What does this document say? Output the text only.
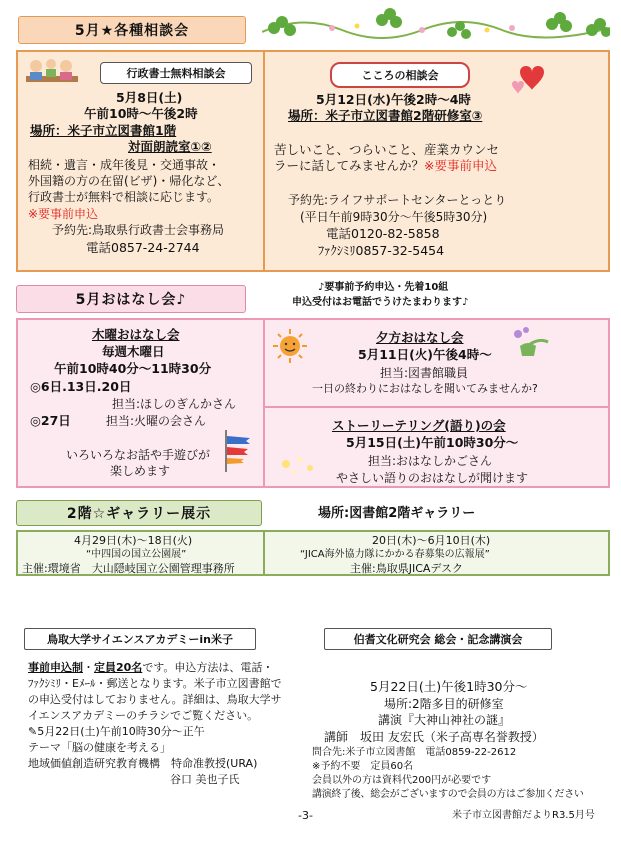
5月★各種相談会
行政書士無料相談会
5月8日(土)
午前10時～午後2時
場所：米子市立図書館1階
対面朗読室①②
相続・遺言・成年後見・交通事故・
外国籍の方の在留(ビザ)・帰化など、
行政書士が無料で相談に応じます。
※要事前申込
予約先:鳥取県行政書士会事務局
電話0857-24-2744
こころの相談会
5月12日(水)午後2時～4時
場所：米子市立図書館2階研修室③
苦しいこと、つらいこと、産業カウンセ
ラーに話してみませんか？※要事前申込
予約先:ライフサポートセンターとっとり
(平日午前9時30分～午後5時30分)
電話0120-82-5858
ﾌｧｸｼﾐﾘ0857-32-5454
5月おはなし会♪
♪要事前予約申込・先着10組
申込受付はお電話でうけたまわります♪
木曜おはなし会
毎週木曜日
午前10時40分～11時30分
◎6日.13日.20日
担当:ほしのぎんかさん
◎27日	担当:火曜の会さん
いろいろなお話や手遊びが
楽しめます
夕方おはなし会
5月11日(火)午後4時～
担当:図書館職員
一日の終わりにおはなしを聞いてみませんか?
ストーリーテリング(語り)の会
5月15日(土)午前10時30分～
担当:おはなしかごさん
やさしい語りのおはなしが聞けます
2階☆ギャラリー展示	場所:図書館2階ギャラリー
4月29日(木)～18日(火)
“中四国の国立公園展”
主催:環境省　大山隠岐国立公園管理事務所
20日(木)～6月10日(木)
“JICA海外協力隊にかかる春募集の広報展”
主催:鳥取県JICAデスク
鳥取大学サイエンスアカデミーin米子
事前申込制・定員20名です。申込方法は、電話・
ﾌｧｸｼﾐﾘ・Eﾒｰﾙ・郵送となります。米子市立図書館で
の申込受付はしておりません。詳細は、鳥取大学サ
イエンスアカデミーのチラシでご覧ください。
✎5月22日(土)午前10時30分～正午
テーマ「脳の健康を考える」
地域価値創造研究教育機構　特命准教授(URA)
谷口 美也子氏
伯耆文化研究会 総会・記念講演会
5月22日(土)午後1時30分～
場所:2階多目的研修室
講演『大神山神社の謎』
講師　坂田 友宏氏（米子高専名誉教授）
問合先:米子市立図書館　電話0859-22-2612
※予約不要　定員60名
会員以外の方は資料代200円が必要です
講演終了後、総会がございますので会員の方はご参加ください
-3-	米子市立図書館だよりR3.5月号
